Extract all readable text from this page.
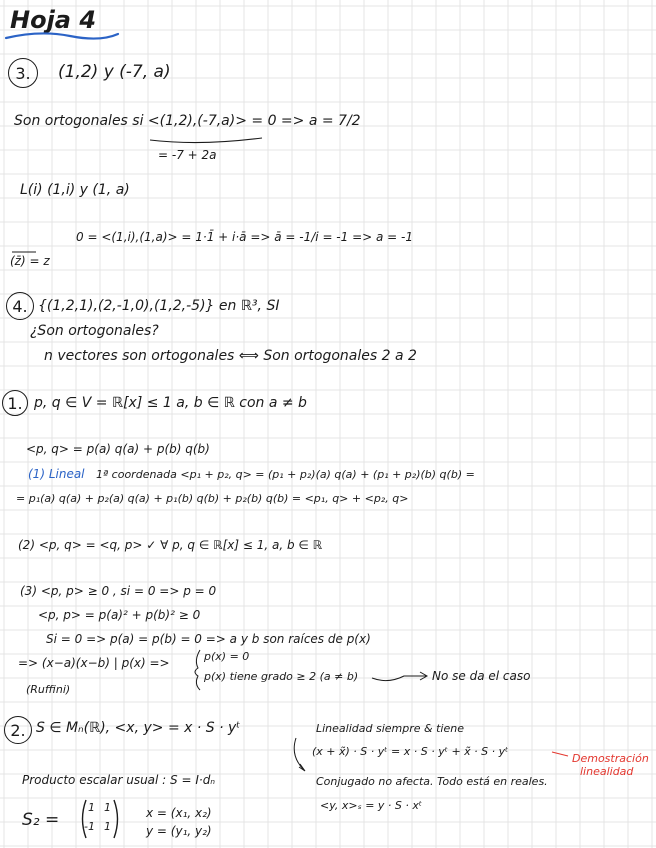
Hoja 4
3. (1,2) y (-7, a)
Son ortogonales si <(1,2),(-7,a)> = 0 => a = 7/2
= -7 + 2a
L(i) (1,i) y (1, a)
0 = <(1,i),(1,a)> = 1·1̄ + i·ā => ā = -1/i = -1 => a = -1
(z̄) = z
4. {(1,2,1),(2,-1,0),(1,2,-5)} en ℝ³, SI
¿Son ortogonales?
n vectores son ortogonales ⟺ Son ortogonales 2 a 2
1. p, q ∈ V = ℝ[x] ≤ 1 a, b ∈ ℝ con a ≠ b
<p, q> = p(a) q(a) + p(b) q(b)
(1) Lineal 1ª coordenada <p₁ + p₂, q> = (p₁ + p₂)(a) q(a) + (p₁ + p₂)(b) q(b) =
= p₁(a) q(a) + p₂(a) q(a) + p₁(b) q(b) + p₂(b) q(b) = <p₁, q> + <p₂, q>
(2) <p, q> = <q, p> ✓ ∀ p, q ∈ ℝ[x] ≤ 1, a, b ∈ ℝ
(3) <p, p> ≥ 0 , si = 0 => p = 0
<p, p> = p(a)² + p(b)² ≥ 0
Si = 0 => p(a) = p(b) = 0 => a y b son raíces de p(x)
=> (x−a)(x−b) | p(x) =>	p(x) = 0
p(x) tiene grado ≥ 2 (a ≠ b)	No se da el caso
(Ruffini)
2. S ∈ Mₙ(ℝ), <x, y> = x · S · yᵗ	Linealidad siempre & tiene
(x + x̃) · S · yᵗ = x · S · yᵗ + x̃ · S · yᵗ
Demostración
linealidad
Conjugado no afecta. Todo está en reales.
<y, x>ₛ = y · S · xᵗ
Producto escalar usual : S = I·dₙ
S₂ =
1 1
-1 1
x = (x₁, x₂)
y = (y₁, y₂)
